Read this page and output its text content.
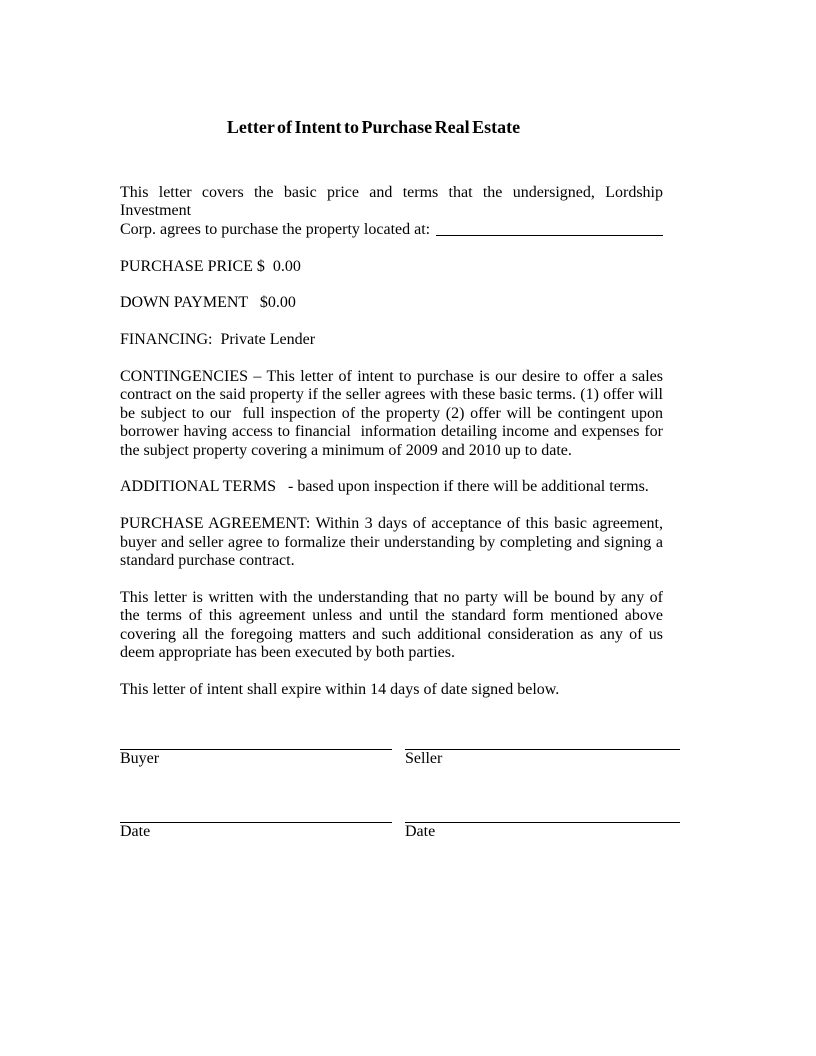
Letter of Intent to Purchase Real Estate
This letter covers the basic price and terms that the undersigned, Lordship Investment
Corp. agrees to purchase the property located at:

PURCHASE PRICE $  0.00

DOWN PAYMENT   $0.00

FINANCING:  Private Lender

CONTINGENCIES – This letter of intent to purchase is our desire to offer a sales contract on the said property if the seller agrees with these basic terms. (1) offer will be subject to our  full inspection of the property (2) offer will be contingent upon borrower having access to financial  information detailing income and expenses for the subject property covering a minimum of 2009 and 2010 up to date.

ADDITIONAL TERMS   - based upon inspection if there will be additional terms.

PURCHASE AGREEMENT: Within 3 days of acceptance of this basic agreement, buyer and seller agree to formalize their understanding by completing and signing a standard purchase contract.

This letter is written with the understanding that no party will be bound by any of the terms of this agreement unless and until the standard form mentioned above covering all the foregoing matters and such additional consideration as any of us deem appropriate has been executed by both parties.

This letter of intent shall expire within 14 days of date signed below.

Buyer
Date
Seller
Date
